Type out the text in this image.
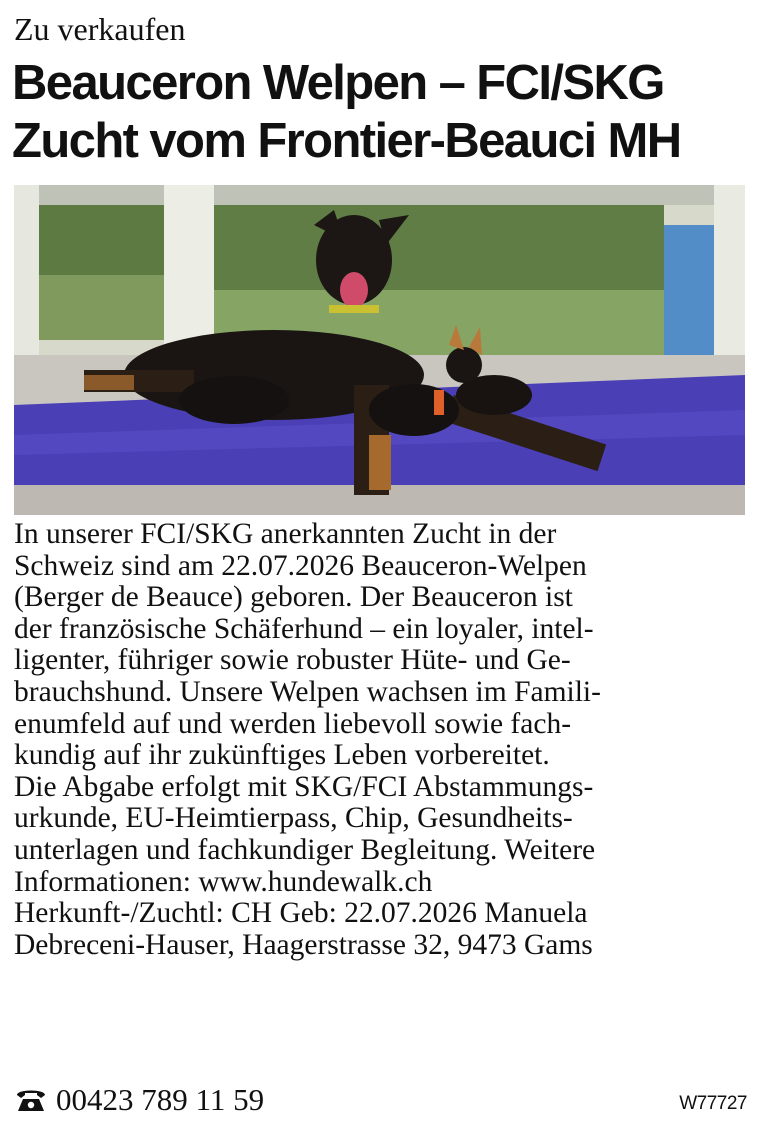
Zu verkaufen
Beauceron Welpen – FCI/SKG
Zucht vom Frontier-Beauci MH

In unserer FCI/SKG anerkannten Zucht in der
Schweiz sind am 22.07.2026 Beauceron-Welpen
(Berger de Beauce) geboren. Der Beauceron ist
der französische Schäferhund – ein loyaler, intel-
ligenter, führiger sowie robuster Hüte- und Ge-
brauchshund. Unsere Welpen wachsen im Famili-
enumfeld auf und werden liebevoll sowie fach-
kundig auf ihr zukünftiges Leben vorbereitet.
Die Abgabe erfolgt mit SKG/FCI Abstammungs-
urkunde, EU-Heimtierpass, Chip, Gesundheits-
unterlagen und fachkundiger Begleitung. Weitere
Informationen: www.hundewalk.ch
Herkunft-/Zuchtl: CH Geb: 22.07.2026 Manuela
Debreceni-Hauser, Haagerstrasse 32, 9473 Gams

00423 789 11 59	W77727
